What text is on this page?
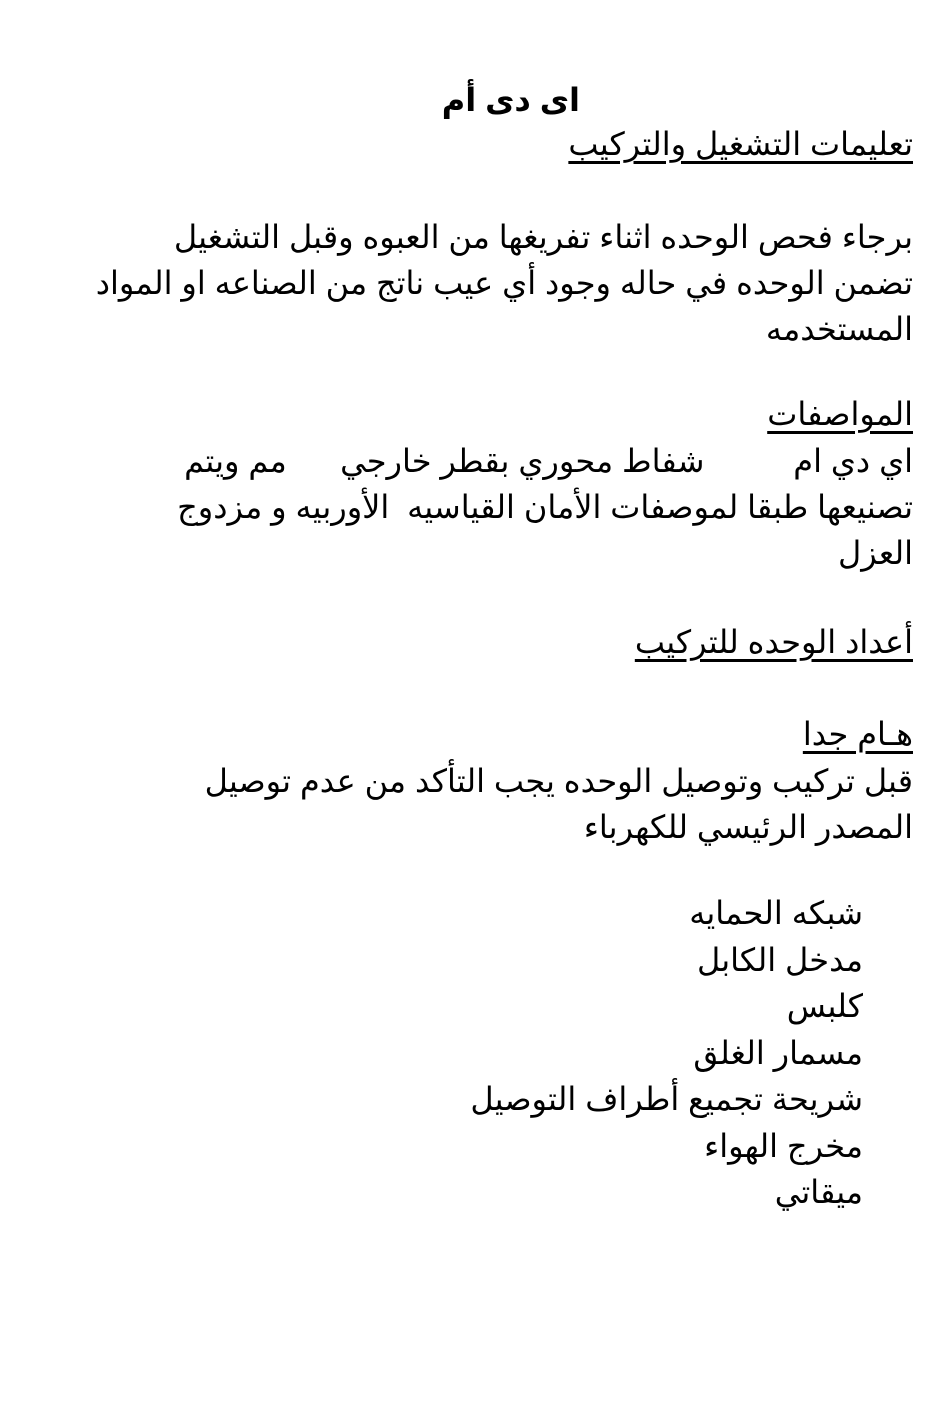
اى دى أم
تعليمات التشغيل والتركيب
برجاء فحص الوحده اثناء تفريغها من العبوه وقبل التشغيل
تضمن الوحده في حاله وجود أي عيب ناتج من الصناعه او المواد
المستخدمه
المواصفات
اي دي ام          شفاط محوري بقطر خارجي      مم ويتم
تصنيعها طبقا لموصفات الأمان القياسيه  الأوربيه و مزدوج
العزل
أعداد الوحده للتركيب
هـام جدا
قبل تركيب وتوصيل الوحده يجب التأكد من عدم توصيل
المصدر الرئيسي للكهرباء
شبكه الحمايه
مدخل الكابل
كلبس
مسمار الغلق
شريحة تجميع أطراف التوصيل
مخرج الهواء
ميقاتي
